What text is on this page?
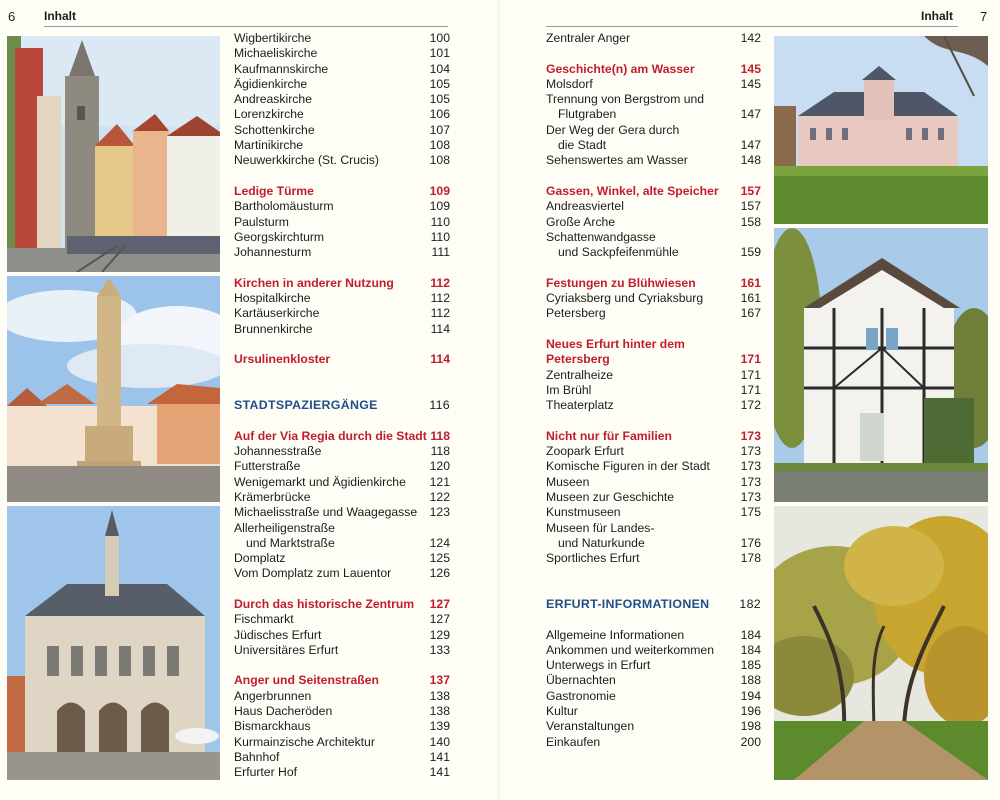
6 Inhalt
Wigbertikirche	100
Michaeliskirche	101
Kaufmannskirche	104
Ägidienkirche	105
Andreaskirche	105
Lorenzkirche	106
Schottenkirche	107
Martinikirche	108
Neuwerkkirche (St. Crucis)	108
Ledige Türme	109
Bartholomäusturm	109
Paulsturm	110
Georgskirchturm	110
Johannesturm	111
Kirchen in anderer Nutzung	112
Hospitalkirche	112
Kartäuserkirche	112
Brunnenkirche	114
Ursulinenkloster	114
STADTSPAZIERGÄNGE	116
Auf der Via Regia durch die Stadt 118
Johannesstraße	118
Futterstraße	120
Wenigemarkt und Ägidienkirche 121
Krämerbrücke	122
Michaelisstraße und Waagegasse 123
Allerheiligenstraße
und Marktstraße	124
Domplatz	125
Vom Domplatz zum Lauentor	126
Durch das historische Zentrum 127
Fischmarkt	127
Jüdisches Erfurt	129
Universitäres Erfurt	133
Anger und Seitenstraßen	137
Angerbrunnen	138
Haus Dacheröden	138
Bismarckhaus	139
Kurmainzische Architektur	140
Bahnhof	141
Erfurter Hof	141
Inhalt 7
Zentraler Anger	142
Geschichte(n) am Wasser	145
Molsdorf	145
Trennung von Bergstrom und
Flutgraben	147
Der Weg der Gera durch
die Stadt	147
Sehenswertes am Wasser	148
Gassen, Winkel, alte Speicher 157
Andreasviertel	157
Große Arche	158
Schattenwandgasse
und Sackpfeifenmühle	159
Festungen zu Blühwiesen	161
Cyriaksberg und Cyriaksburg	161
Petersberg	167
Neues Erfurt hinter dem
Petersberg	171
Zentralheize	171
Im Brühl	171
Theaterplatz	172
Nicht nur für Familien	173
Zoopark Erfurt	173
Komische Figuren in der Stadt	173
Museen	173
Museen zur Geschichte	173
Kunstmuseen	175
Museen für Landes-
und Naturkunde	176
Sportliches Erfurt	178
ERFURT-INFORMATIONEN 182
Allgemeine Informationen	184
Ankommen und weiterkommen 184
Unterwegs in Erfurt	185
Übernachten	188
Gastronomie	194
Kultur	196
Veranstaltungen	198
Einkaufen	200
